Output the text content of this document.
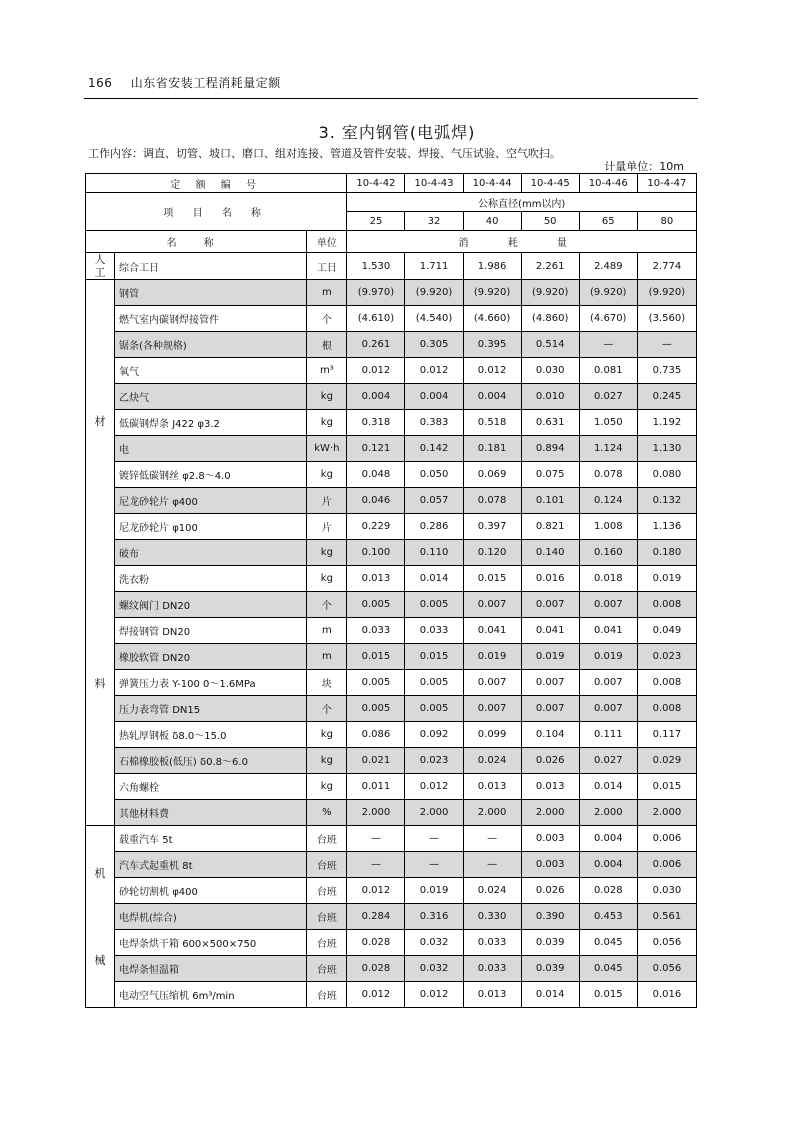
166 山东省安装工程消耗量定额
3. 室内钢管(电弧焊)
工作内容：调直、切管、坡口、磨口、组对连接、管道及管件安装、焊接、气压试验、空气吹扫。
计量单位：10m
定 额 编 号			10-4-42	10-4-43	10-4-44	10-4-45	10-4-46	10-4-47
项 目 名 称			公称直径(mm以内)					
			25	32	40	50	65	80
名 称		单位	消 耗 量					

人
工	综合工日	工日	1.530	1.711	1.986	2.261	2.489	2.774

材
料	钢管	m	(9.970)	(9.920)	(9.920)	(9.920)	(9.920)	(9.920)
	燃气室内碳钢焊接管件	个	(4.610)	(4.540)	(4.660)	(4.860)	(4.670)	(3.560)
	锯条(各种规格)	根	0.261	0.305	0.395	0.514	—	—
	氧气	m³	0.012	0.012	0.012	0.030	0.081	0.735
	乙炔气	kg	0.004	0.004	0.004	0.010	0.027	0.245
	低碳钢焊条 J422 φ3.2	kg	0.318	0.383	0.518	0.631	1.050	1.192
	电	kW·h	0.121	0.142	0.181	0.894	1.124	1.130
	镀锌低碳钢丝 φ2.8～4.0	kg	0.048	0.050	0.069	0.075	0.078	0.080
	尼龙砂轮片 φ400	片	0.046	0.057	0.078	0.101	0.124	0.132
	尼龙砂轮片 φ100	片	0.229	0.286	0.397	0.821	1.008	1.136
	破布	kg	0.100	0.110	0.120	0.140	0.160	0.180
	洗衣粉	kg	0.013	0.014	0.015	0.016	0.018	0.019
	螺纹阀门 DN20	个	0.005	0.005	0.007	0.007	0.007	0.008
	焊接钢管 DN20	m	0.033	0.033	0.041	0.041	0.041	0.049
	橡胶软管 DN20	m	0.015	0.015	0.019	0.019	0.019	0.023
	弹簧压力表 Y-100 0～1.6MPa	块	0.005	0.005	0.007	0.007	0.007	0.008
	压力表弯管 DN15	个	0.005	0.005	0.007	0.007	0.007	0.008
	热轧厚钢板 δ8.0～15.0	kg	0.086	0.092	0.099	0.104	0.111	0.117
	石棉橡胶板(低压) δ0.8～6.0	kg	0.021	0.023	0.024	0.026	0.027	0.029
	六角螺栓	kg	0.011	0.012	0.013	0.013	0.014	0.015
	其他材料费	%	2.000	2.000	2.000	2.000	2.000	2.000

机
械	载重汽车 5t	台班	—	—	—	0.003	0.004	0.006
	汽车式起重机 8t	台班	—	—	—	0.003	0.004	0.006
	砂轮切割机 φ400	台班	0.012	0.019	0.024	0.026	0.028	0.030
	电焊机(综合)	台班	0.284	0.316	0.330	0.390	0.453	0.561
	电焊条烘干箱 600×500×750	台班	0.028	0.032	0.033	0.039	0.045	0.056
	电焊条恒温箱	台班	0.028	0.032	0.033	0.039	0.045	0.056
	电动空气压缩机 6m³/min	台班	0.012	0.012	0.013	0.014	0.015	0.016
